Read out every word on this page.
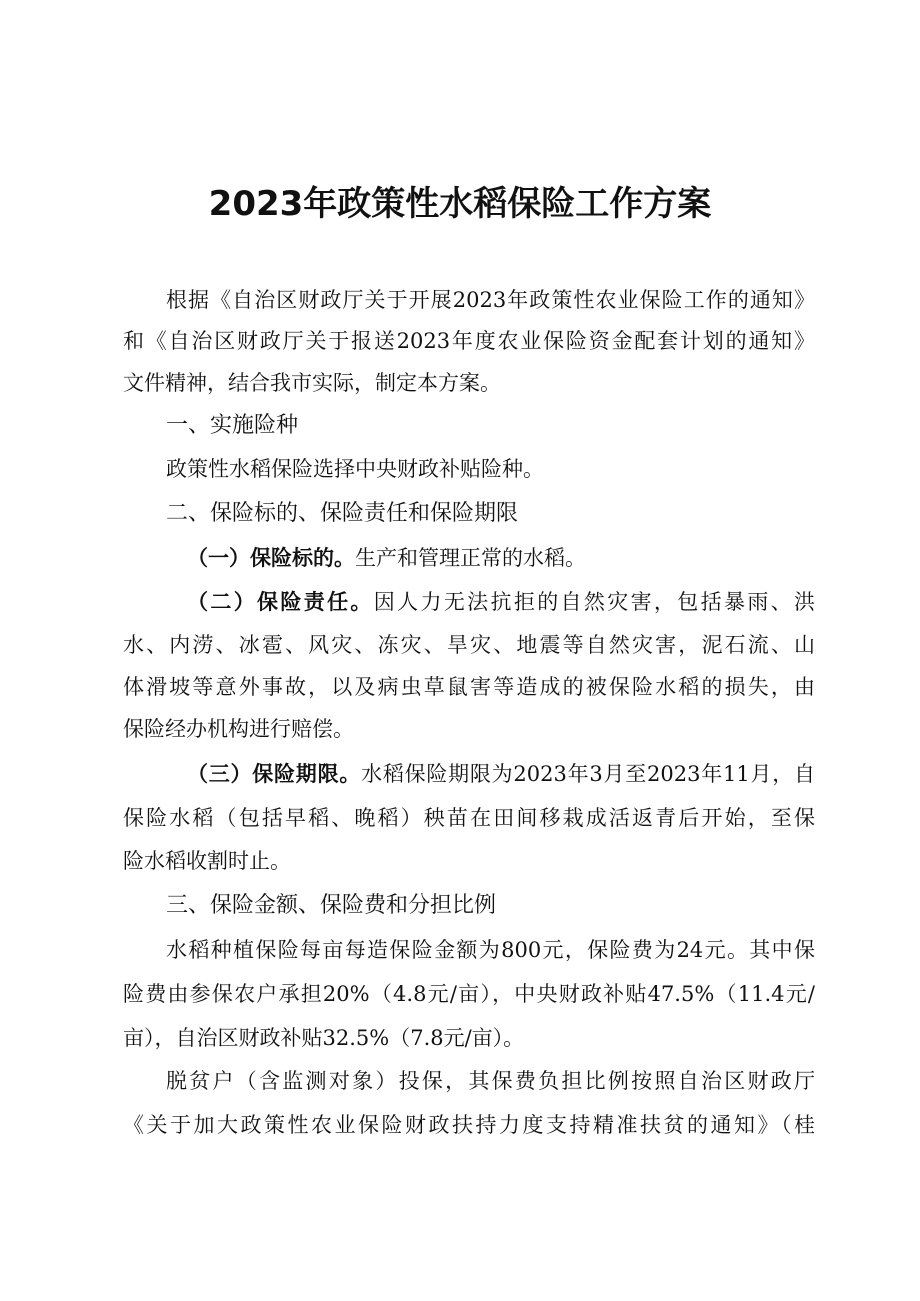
2023年政策性水稻保险工作方案
根据《自治区财政厅关于开展2023年政策性农业保险工作的通知》
和《自治区财政厅关于报送2023年度农业保险资金配套计划的通知》
文件精神，结合我市实际，制定本方案。
一、实施险种
政策性水稻保险选择中央财政补贴险种。
二、保险标的、保险责任和保险期限
（一）保险标的。生产和管理正常的水稻。
（二）保险责任。因人力无法抗拒的自然灾害，包括暴雨、洪
水、内涝、冰雹、风灾、冻灾、旱灾、地震等自然灾害，泥石流、山
体滑坡等意外事故，以及病虫草鼠害等造成的被保险水稻的损失，由
保险经办机构进行赔偿。
（三）保险期限。水稻保险期限为2023年3月至2023年11月，自
保险水稻（包括早稻、晚稻）秧苗在田间移栽成活返青后开始，至保
险水稻收割时止。
三、保险金额、保险费和分担比例
水稻种植保险每亩每造保险金额为800元，保险费为24元。其中保
险费由参保农户承担20%（4.8元/亩），中央财政补贴47.5%（11.4元/
亩），自治区财政补贴32.5%（7.8元/亩）。
脱贫户（含监测对象）投保，其保费负担比例按照自治区财政厅
《关于加大政策性农业保险财政扶持力度支持精准扶贫的通知》（桂
